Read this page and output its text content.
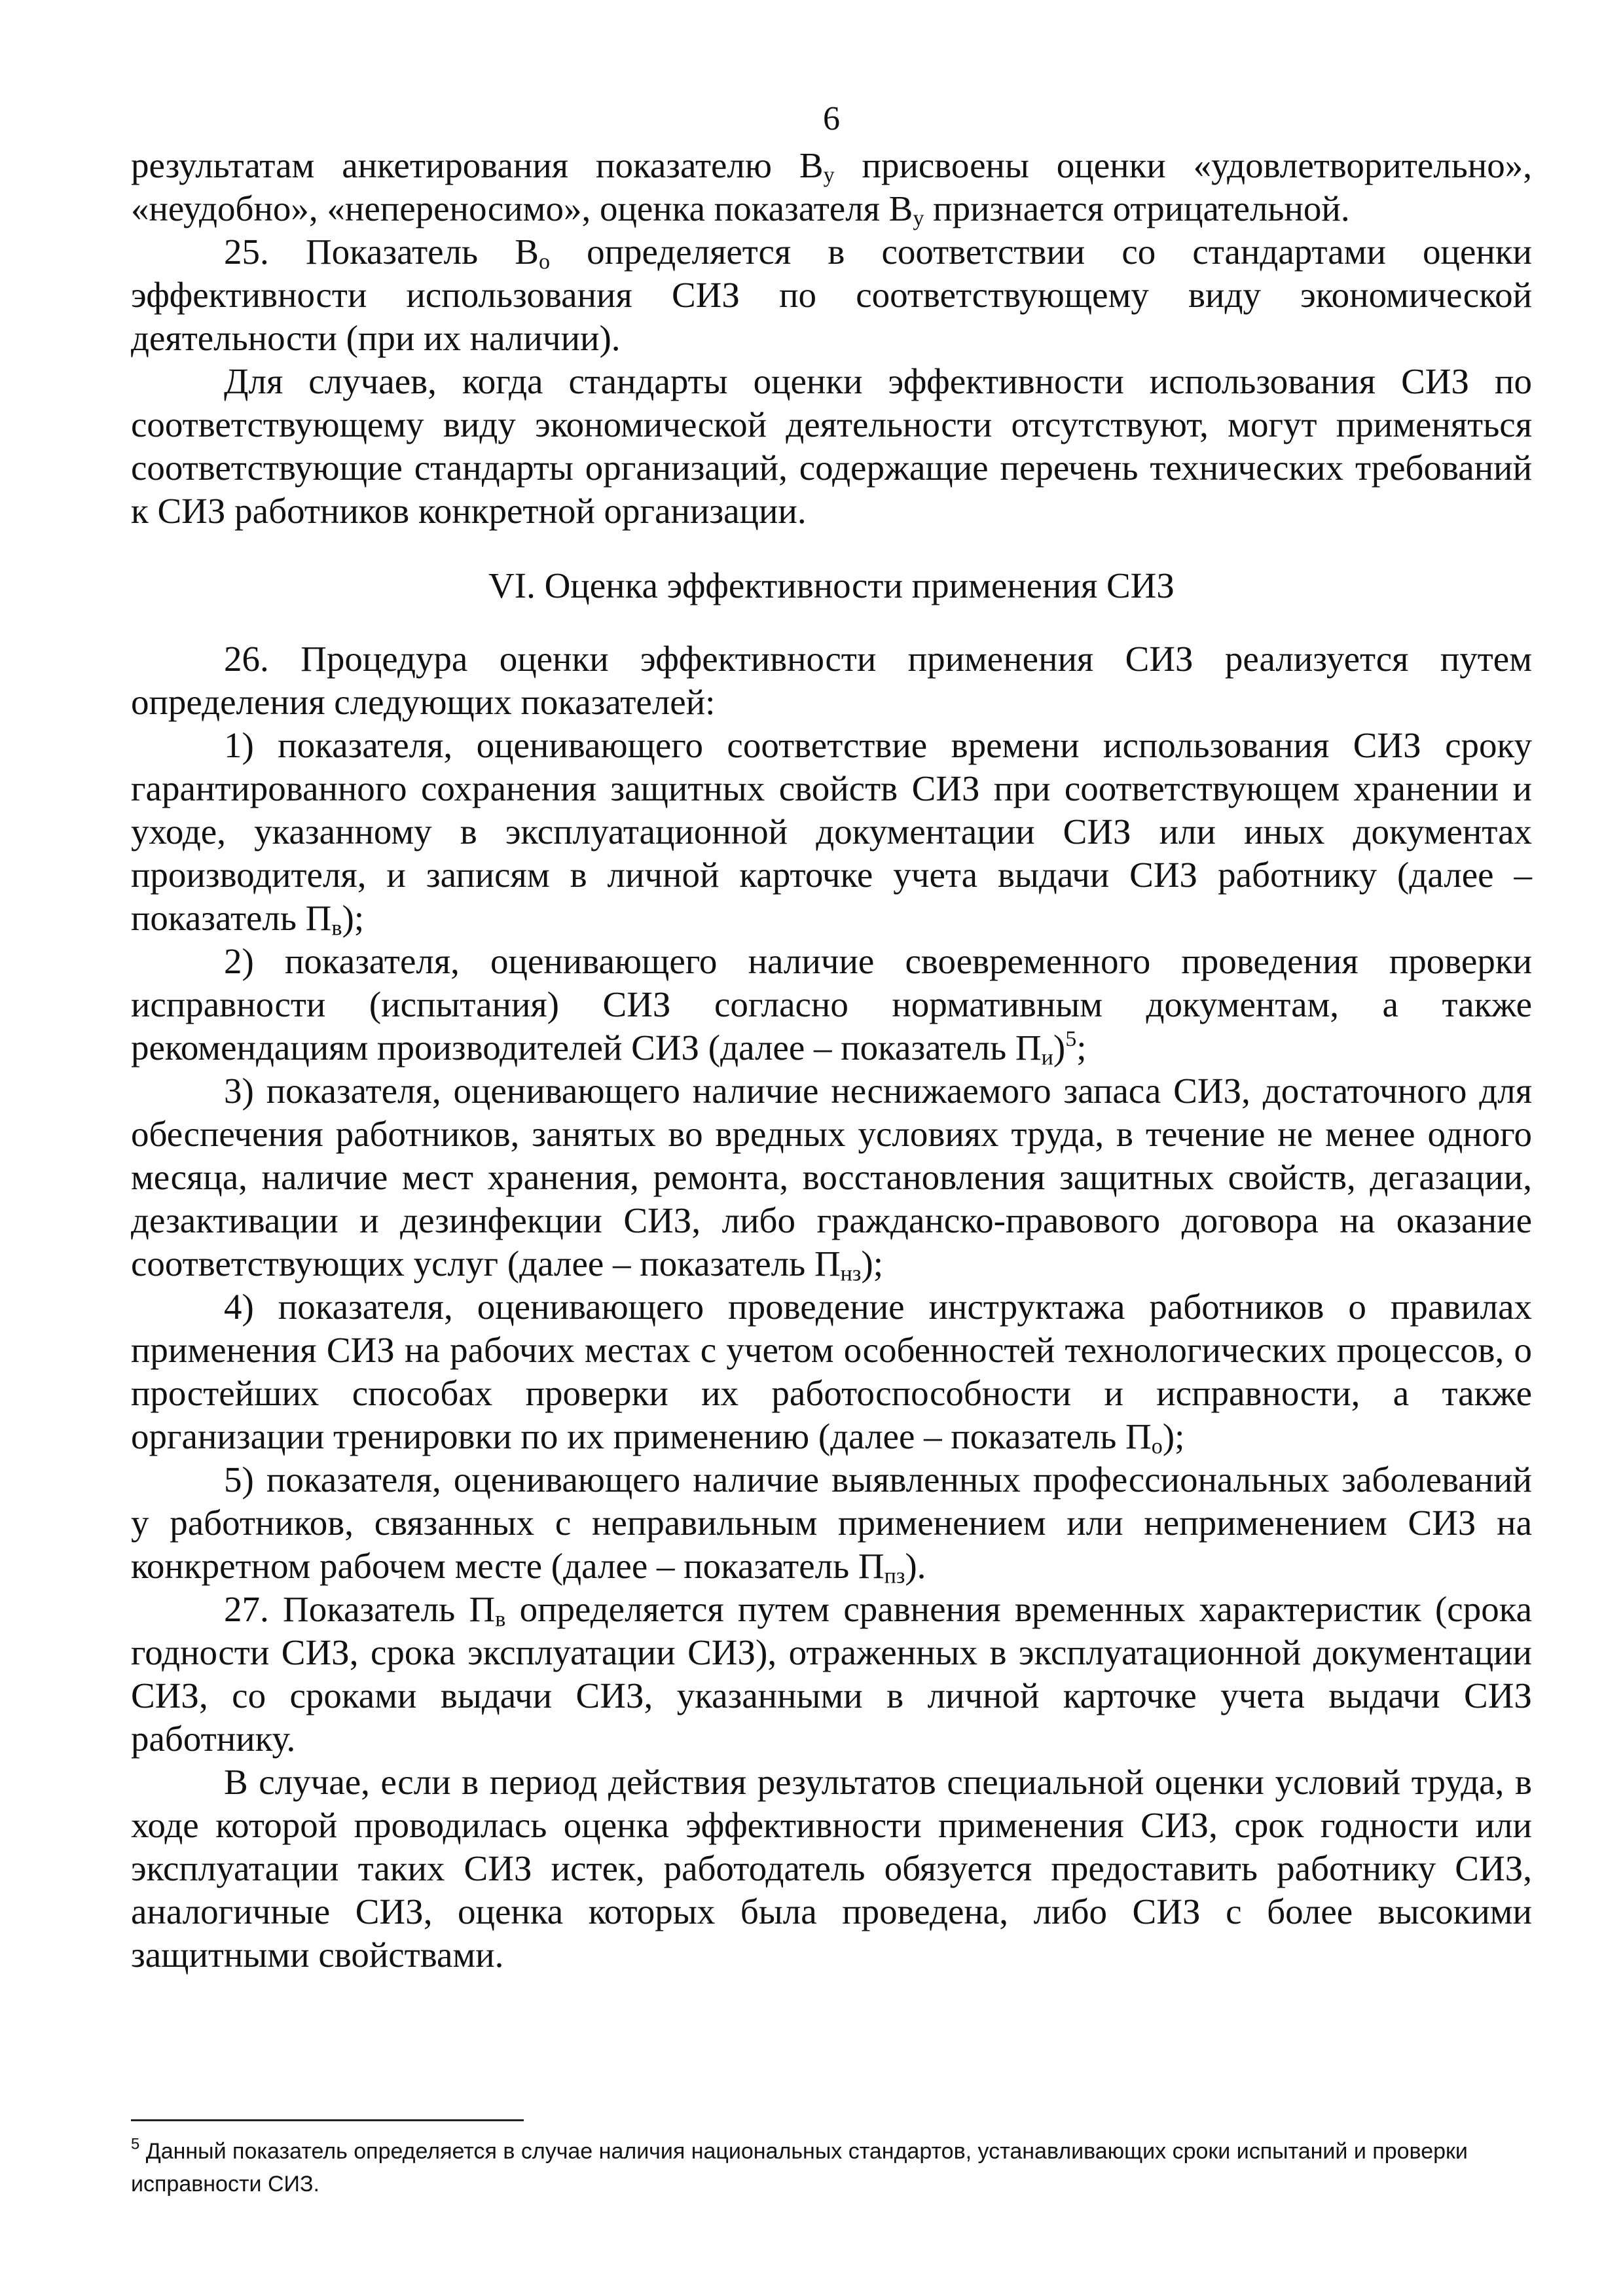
6

результатам анкетирования показателю $В_у$ присвоены оценки «удовлетворительно», «неудобно», «непереносимо», оценка показателя $В_у$ признается отрицательной.

25. Показатель $В_о$ определяется в соответствии со стандартами оценки эффективности использования СИЗ по соответствующему виду экономической деятельности (при их наличии).

Для случаев, когда стандарты оценки эффективности использования СИЗ по соответствующему виду экономической деятельности отсутствуют, могут применяться соответствующие стандарты организаций, содержащие перечень технических требований к СИЗ работников конкретной организации.

VI. Оценка эффективности применения СИЗ

26. Процедура оценки эффективности применения СИЗ реализуется путем определения следующих показателей:

1) показателя, оценивающего соответствие времени использования СИЗ сроку гарантированного сохранения защитных свойств СИЗ при соответствующем хранении и уходе, указанному в эксплуатационной документации СИЗ или иных документах производителя, и записям в личной карточке учета выдачи СИЗ работнику (далее – показатель $П_в$);

2) показателя, оценивающего наличие своевременного проведения проверки исправности (испытания) СИЗ согласно нормативным документам, а также рекомендациям производителей СИЗ (далее – показатель $П_и)^5$;

3) показателя, оценивающего наличие неснижаемого запаса СИЗ, достаточного для обеспечения работников, занятых во вредных условиях труда, в течение не менее одного месяца, наличие мест хранения, ремонта, восстановления защитных свойств, дегазации, дезактивации и дезинфекции СИЗ, либо гражданско-правового договора на оказание соответствующих услуг (далее – показатель $П_{нз}$);

4) показателя, оценивающего проведение инструктажа работников о правилах применения СИЗ на рабочих местах с учетом особенностей технологических процессов, о простейших способах проверки их работоспособности и исправности, а также организации тренировки по их применению (далее – показатель $П_о$);

5) показателя, оценивающего наличие выявленных профессиональных заболеваний у работников, связанных с неправильным применением или неприменением СИЗ на конкретном рабочем месте (далее – показатель $П_{пз}$).

27. Показатель $П_в$ определяется путем сравнения временных характеристик (срока годности СИЗ, срока эксплуатации СИЗ), отраженных в эксплуатационной документации СИЗ, со сроками выдачи СИЗ, указанными в личной карточке учета выдачи СИЗ работнику.

В случае, если в период действия результатов специальной оценки условий труда, в ходе которой проводилась оценка эффективности применения СИЗ, срок годности или эксплуатации таких СИЗ истек, работодатель обязуется предоставить работнику СИЗ, аналогичные СИЗ, оценка которых была проведена, либо СИЗ с более высокими защитными свойствами.

$^5$ Данный показатель определяется в случае наличия национальных стандартов, устанавливающих сроки испытаний и проверки исправности СИЗ.
